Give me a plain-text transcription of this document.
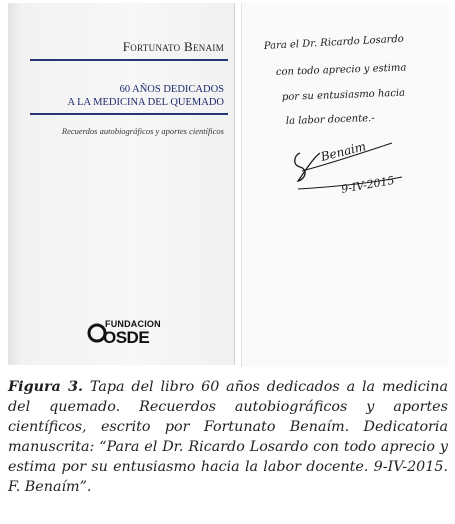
Fortunato Benaim
60 AÑOS DEDICADOS
A LA MEDICINA DEL QUEMADO
Recuerdos autobiográficos y aportes científicos
FUNDACION
OSDE
Para el Dr. Ricardo Losardo
con todo aprecio y estima
por su entusiasmo hacia
la labor docente.-
Benaim
9-IV-2015

Figura 3. Tapa del libro 60 años dedicados a la medicina del quemado. Recuerdos autobiográficos y aportes científicos, escrito por Fortunato Benaím. Dedicatoria manuscrita: “Para el Dr. Ricardo Losardo con todo aprecio y estima por su entusiasmo hacia la labor docente. 9-IV-2015. F. Benaím”.
